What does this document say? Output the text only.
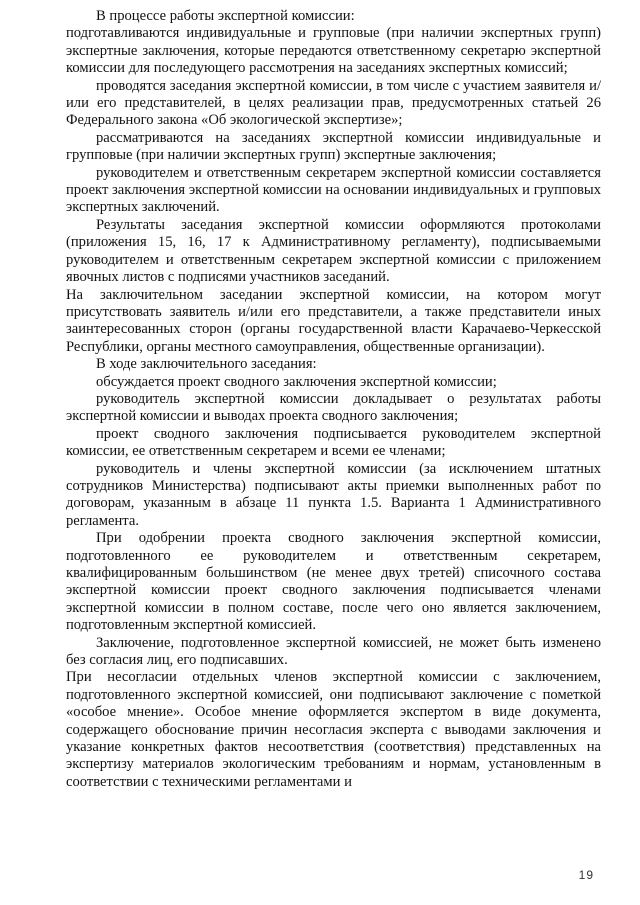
В процессе работы экспертной комиссии:

подготавливаются индивидуальные и групповые (при наличии экспертных групп) экспертные заключения, которые передаются ответственному секретарю экспертной комиссии для последующего рассмотрения на заседаниях экспертных комиссий;

проводятся заседания экспертной комиссии, в том числе с участием заявителя и/или его представителей, в целях реализации прав, предусмотренных статьей 26 Федерального закона «Об экологической экспертизе»;

рассматриваются на заседаниях экспертной комиссии индивидуальные и групповые (при наличии экспертных групп) экспертные заключения;

руководителем и ответственным секретарем экспертной комиссии составляется проект заключения экспертной комиссии на основании индивидуальных и групповых экспертных заключений.

Результаты заседания экспертной комиссии оформляются протоколами (приложения 15, 16, 17 к Административному регламенту), подписываемыми руководителем и ответственным секретарем экспертной комиссии с приложением явочных листов с подписями участников заседаний.

На заключительном заседании экспертной комиссии, на котором могут присутствовать заявитель и/или его представители, а также представители иных заинтересованных сторон (органы государственной власти Карачаево-Черкесской Республики, органы местного самоуправления, общественные организации).

В ходе заключительного заседания:

обсуждается проект сводного заключения экспертной комиссии;

руководитель экспертной комиссии докладывает о результатах работы экспертной комиссии и выводах проекта сводного заключения;

проект сводного заключения подписывается руководителем экспертной комиссии, ее ответственным секретарем и всеми ее членами;

руководитель и члены экспертной комиссии (за исключением штатных сотрудников Министерства) подписывают акты приемки выполненных работ по договорам, указанным в абзаце 11 пункта 1.5. Варианта 1 Административного регламента.

При одобрении проекта сводного заключения экспертной комиссии, подготовленного ее руководителем и ответственным секретарем, квалифицированным большинством (не менее двух третей) списочного состава экспертной комиссии проект сводного заключения подписывается членами экспертной комиссии в полном составе, после чего оно является заключением, подготовленным экспертной комиссией.

Заключение, подготовленное экспертной комиссией, не может быть изменено без согласия лиц, его подписавших.

При несогласии отдельных членов экспертной комиссии с заключением, подготовленного экспертной комиссией, они подписывают заключение с пометкой «особое мнение». Особое мнение оформляется экспертом в виде документа, содержащего обоснование причин несогласия эксперта с выводами заключения и указание конкретных фактов несоответствия (соответствия) представленных на экспертизу материалов экологическим требованиям и нормам, установленным в соответствии с техническими регламентами и

19
